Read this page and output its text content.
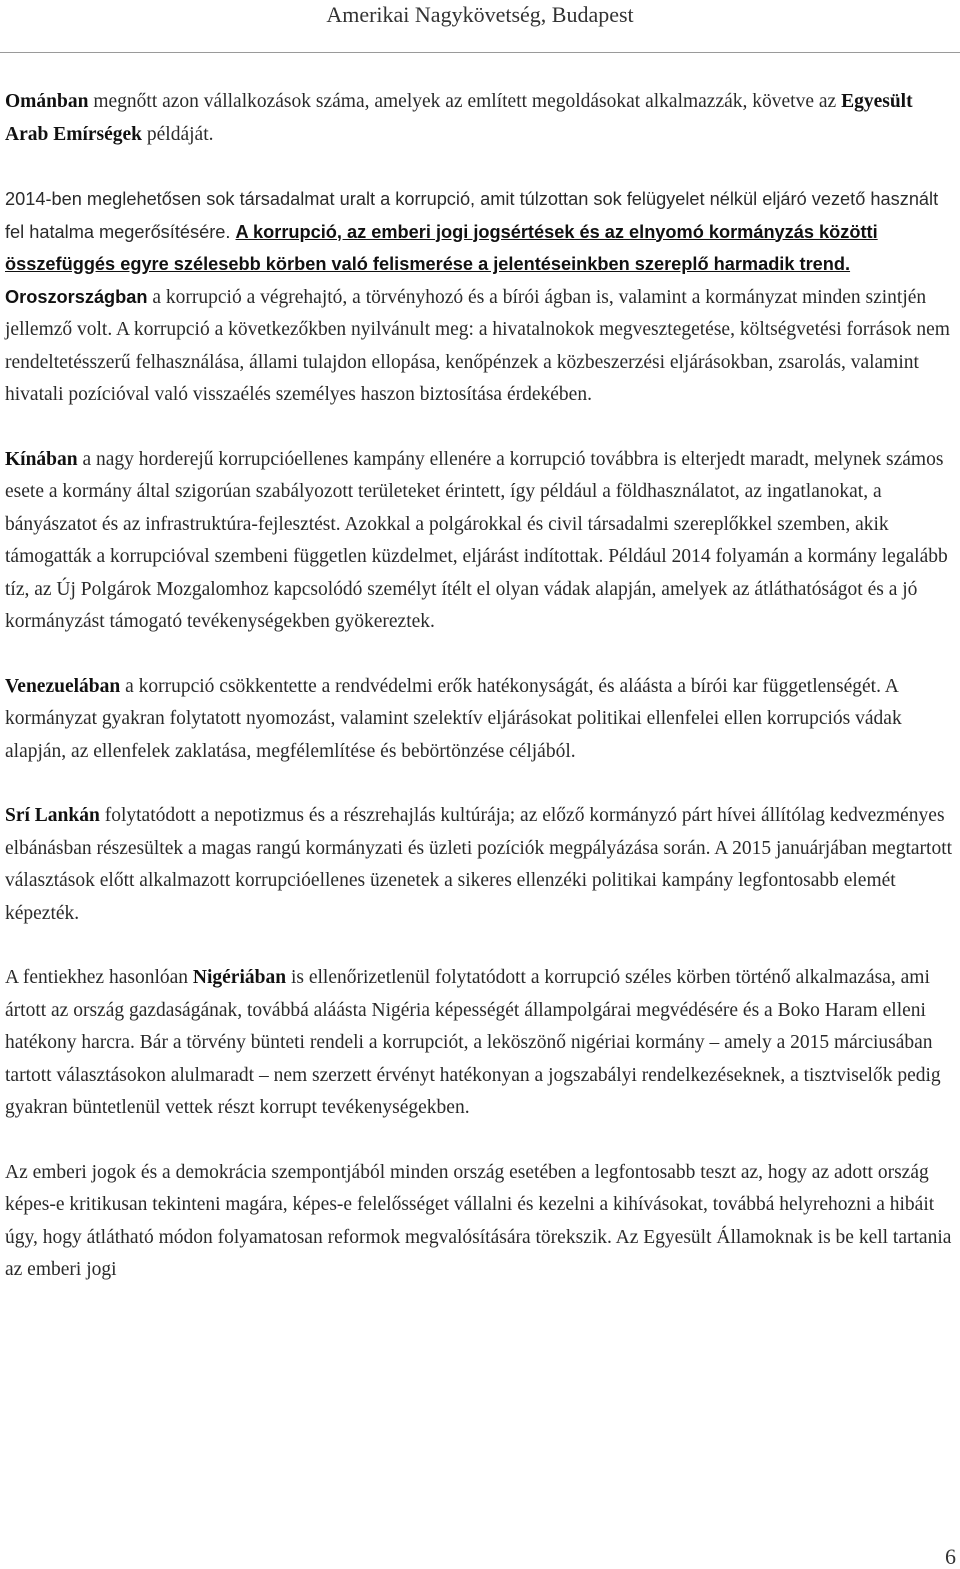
Amerikai Nagykövetség, Budapest

Ománban megnőtt azon vállalkozások száma, amelyek az említett megoldásokat alkalmazzák, követve az Egyesült Arab Emírségek példáját.

2014-ben meglehetősen sok társadalmat uralt a korrupció, amit túlzottan sok felügyelet nélkül eljáró vezető használt fel hatalma megerősítésére. A korrupció, az emberi jogi jogsértések és az elnyomó kormányzás közötti összefüggés egyre szélesebb körben való felismerése a jelentéseinkben szereplő harmadik trend.

Oroszországban a korrupció a végrehajtó, a törvényhozó és a bírói ágban is, valamint a kormányzat minden szintjén jellemző volt. A korrupció a következőkben nyilvánult meg: a hivatalnokok megvesztegetése, költségvetési források nem rendeltetésszerű felhasználása, állami tulajdon ellopása, kenőpénzek a közbeszerzési eljárásokban, zsarolás, valamint hivatali pozícióval való visszaélés személyes haszon biztosítása érdekében.

Kínában a nagy horderejű korrupcióellenes kampány ellenére a korrupció továbbra is elterjedt maradt, melynek számos esete a kormány által szigorúan szabályozott területeket érintett, így például a földhasználatot, az ingatlanokat, a bányászatot és az infrastruktúra-fejlesztést. Azokkal a polgárokkal és civil társadalmi szereplőkkel szemben, akik támogatták a korrupcióval szembeni független küzdelmet, eljárást indítottak. Például 2014 folyamán a kormány legalább tíz, az Új Polgárok Mozgalomhoz kapcsolódó személyt ítélt el olyan vádak alapján, amelyek az átláthatóságot és a jó kormányzást támogató tevékenységekben gyökereztek.

Venezuelában a korrupció csökkentette a rendvédelmi erők hatékonyságát, és aláásta a bírói kar függetlenségét. A kormányzat gyakran folytatott nyomozást, valamint szelektív eljárásokat politikai ellenfelei ellen korrupciós vádak alapján, az ellenfelek zaklatása, megfélemlítése és bebörtönzése céljából.

Srí Lankán folytatódott a nepotizmus és a részrehajlás kultúrája; az előző kormányzó párt hívei állítólag kedvezményes elbánásban részesültek a magas rangú kormányzati és üzleti pozíciók megpályázása során. A 2015 januárjában megtartott választások előtt alkalmazott korrupcióellenes üzenetek a sikeres ellenzéki politikai kampány legfontosabb elemét képezték.

A fentiekhez hasonlóan Nigériában is ellenőrizetlenül folytatódott a korrupció széles körben történő alkalmazása, ami ártott az ország gazdaságának, továbbá aláásta Nigéria képességét állampolgárai megvédésére és a Boko Haram elleni hatékony harcra. Bár a törvény bünteti rendeli a korrupciót, a leköszönő nigériai kormány – amely a 2015 márciusában tartott választásokon alulmaradt – nem szerzett érvényt hatékonyan a jogszabályi rendelkezéseknek, a tisztviselők pedig gyakran büntetlenül vettek részt korrupt tevékenységekben.

Az emberi jogok és a demokrácia szempontjából minden ország esetében a legfontosabb teszt az, hogy az adott ország képes-e kritikusan tekinteni magára, képes-e felelősséget vállalni és kezelni a kihívásokat, továbbá helyrehozni a hibáit úgy, hogy átlátható módon folyamatosan reformok megvalósítására törekszik. Az Egyesült Államoknak is be kell tartania az emberi jogi

6
